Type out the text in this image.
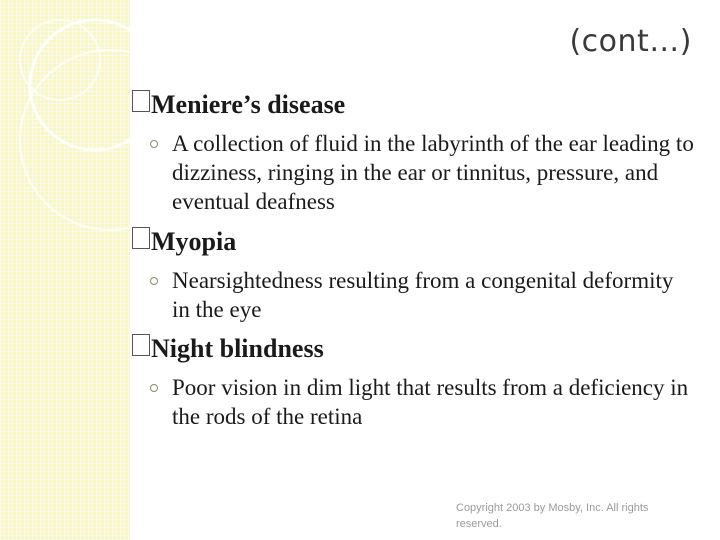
(cont…)
Meniere’s disease
A collection of fluid in the labyrinth of the ear leading to dizziness, ringing in the ear or tinnitus, pressure, and eventual deafness
Myopia
Nearsightedness resulting from a congenital deformity in the eye
Night blindness
Poor vision in dim light that results from a deficiency in the rods of the retina
Copyright 2003 by Mosby, Inc. All rights reserved.
